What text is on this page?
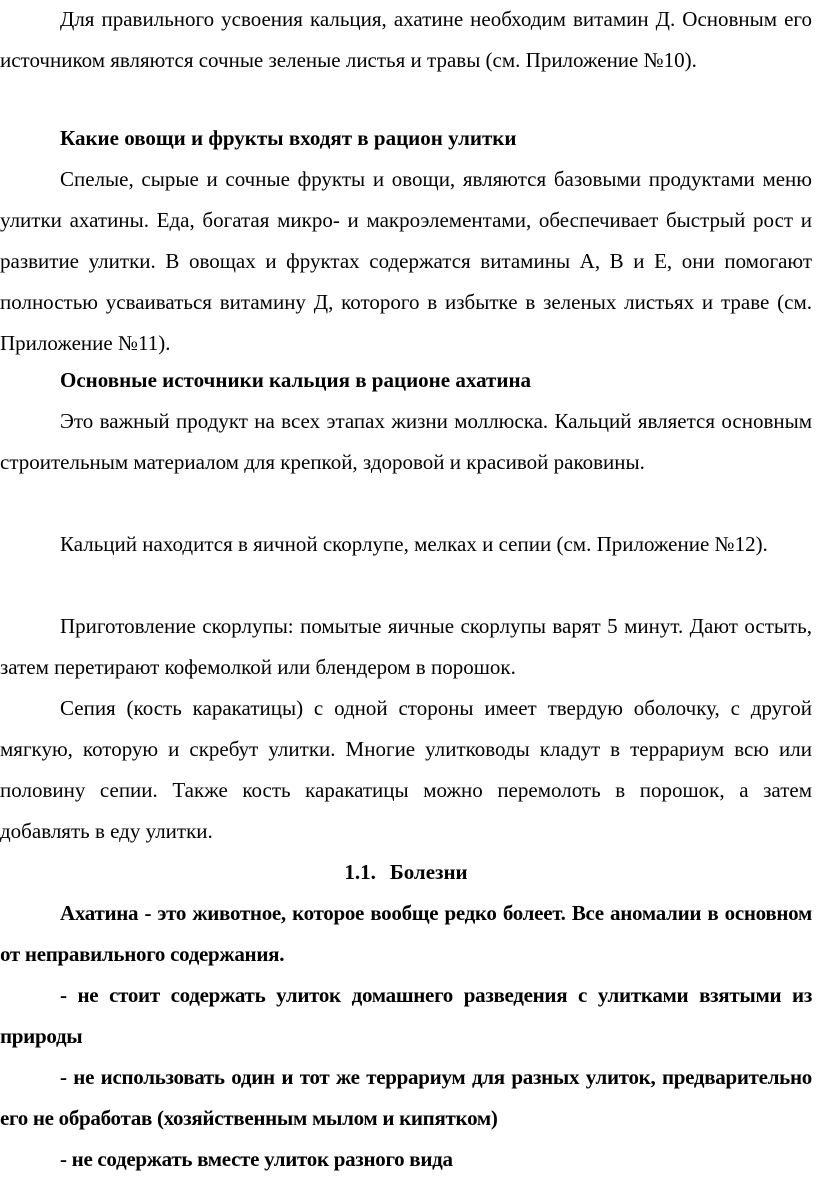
Для правильного усвоения кальция, ахатине необходим витамин Д. Основным его источником являются сочные зеленые листья и травы (см. Приложение №10).

Какие овощи и фрукты входят в рацион улитки

Спелые, сырые и сочные фрукты и овощи, являются базовыми продуктами меню улитки ахатины. Еда, богатая микро- и макроэлементами, обеспечивает быстрый рост и развитие улитки. В овощах и фруктах содержатся витамины А, В и Е, они помогают полностью усваиваться витамину Д, которого в избытке в зеленых листьях и траве (см. Приложение №11).

Основные источники кальция в рационе ахатина

Это важный продукт на всех этапах жизни моллюска. Кальций является основным строительным материалом для крепкой, здоровой и красивой раковины.

Кальций находится в яичной скорлупе, мелках и сепии (см. Приложение №12).

Приготовление скорлупы: помытые яичные скорлупы варят 5 минут. Дают остыть, затем перетирают кофемолкой или блендером в порошок.

Сепия (кость каракатицы) с одной стороны имеет твердую оболочку, с другой мягкую, которую и скребут улитки. Многие улитководы кладут в террариум всю или половину сепии. Также кость каракатицы можно перемолоть в порошок, а затем добавлять в еду улитки.

1.1. Болезни

Ахатина - это животное, которое вообще редко болеет. Все аномалии в основном от неправильного содержания.

- не стоит содержать улиток домашнего разведения с улитками взятыми из природы

- не использовать один и тот же террариум для разных улиток, предварительно его не обработав (хозяйственным мылом и кипятком)

- не содержать вместе улиток разного вида
